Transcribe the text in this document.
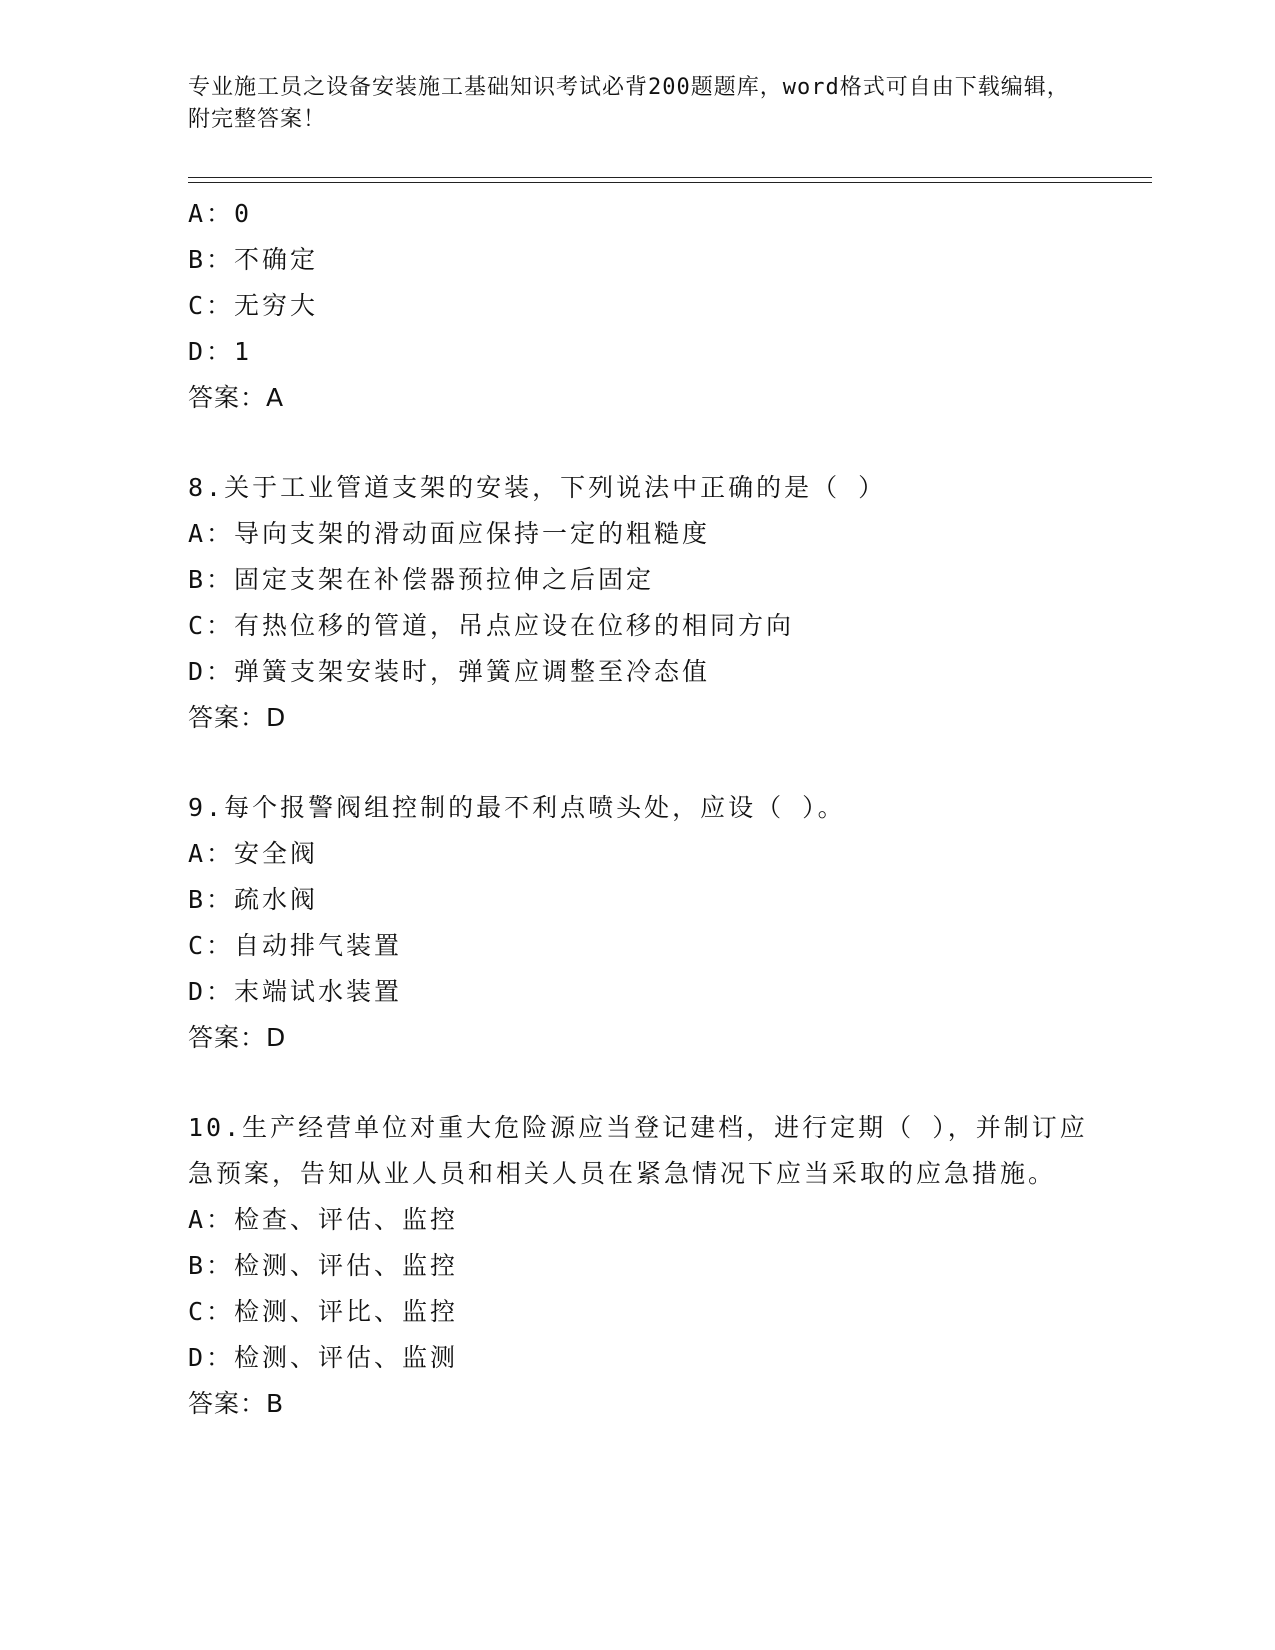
专业施工员之设备安装施工基础知识考试必背200题题库，word格式可自由下载编辑，附完整答案！
A：0
B：不确定
C：无穷大
D：1
答案：A
8.关于工业管道支架的安装，下列说法中正确的是（ ）
A：导向支架的滑动面应保持一定的粗糙度
B：固定支架在补偿器预拉伸之后固定
C：有热位移的管道，吊点应设在位移的相同方向
D：弹簧支架安装时，弹簧应调整至冷态值
答案：D
9.每个报警阀组控制的最不利点喷头处，应设（ ）。
A：安全阀
B：疏水阀
C：自动排气装置
D：末端试水装置
答案：D
10.生产经营单位对重大危险源应当登记建档，进行定期（ ），并制订应急预案，告知从业人员和相关人员在紧急情况下应当采取的应急措施。
A：检查、评估、监控
B：检测、评估、监控
C：检测、评比、监控
D：检测、评估、监测
答案：B
